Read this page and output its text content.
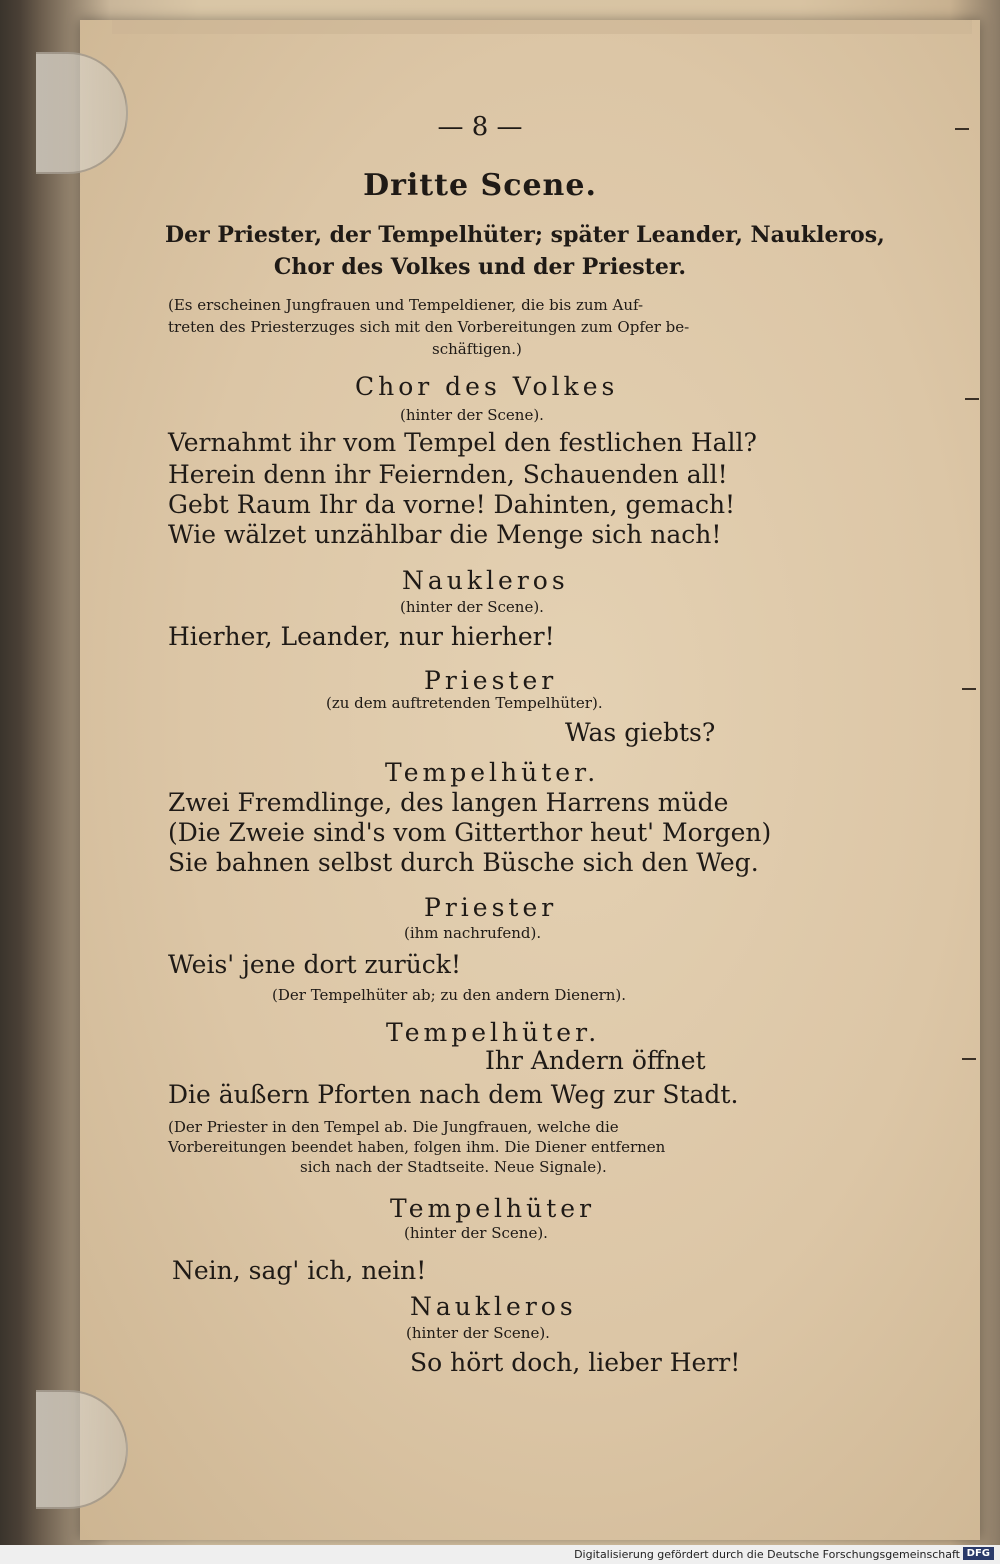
— 8 —
Dritte Scene.
Der Priester, der Tempelhüter; später Leander, Naukleros,
Chor des Volkes und der Priester.
(Es erscheinen Jungfrauen und Tempeldiener, die bis zum Auf-
treten des Priesterzuges sich mit den Vorbereitungen zum Opfer be-
schäftigen.)
Chor des Volkes
(hinter der Scene).
Vernahmt ihr vom Tempel den festlichen Hall?
Herein denn ihr Feiernden, Schauenden all!
Gebt Raum Ihr da vorne! Dahinten, gemach!
Wie wälzet unzählbar die Menge sich nach!
Naukleros
(hinter der Scene).
Hierher, Leander, nur hierher!
Priester
(zu dem auftretenden Tempelhüter).
Was giebts?
Tempelhüter.
Zwei Fremdlinge, des langen Harrens müde
(Die Zweie sind's vom Gitterthor heut' Morgen)
Sie bahnen selbst durch Büsche sich den Weg.
Priester
(ihm nachrufend).
Weis' jene dort zurück!
(Der Tempelhüter ab; zu den andern Dienern).
Tempelhüter.
Ihr Andern öffnet
Die äußern Pforten nach dem Weg zur Stadt.
(Der Priester in den Tempel ab. Die Jungfrauen, welche die
Vorbereitungen beendet haben, folgen ihm. Die Diener entfernen
sich nach der Stadtseite. Neue Signale).
Tempelhüter
(hinter der Scene).
Nein, sag' ich, nein!
Naukleros
(hinter der Scene).
So hört doch, lieber Herr!
Digitalisierung gefördert durch die Deutsche Forschungsgemeinschaft DFG
